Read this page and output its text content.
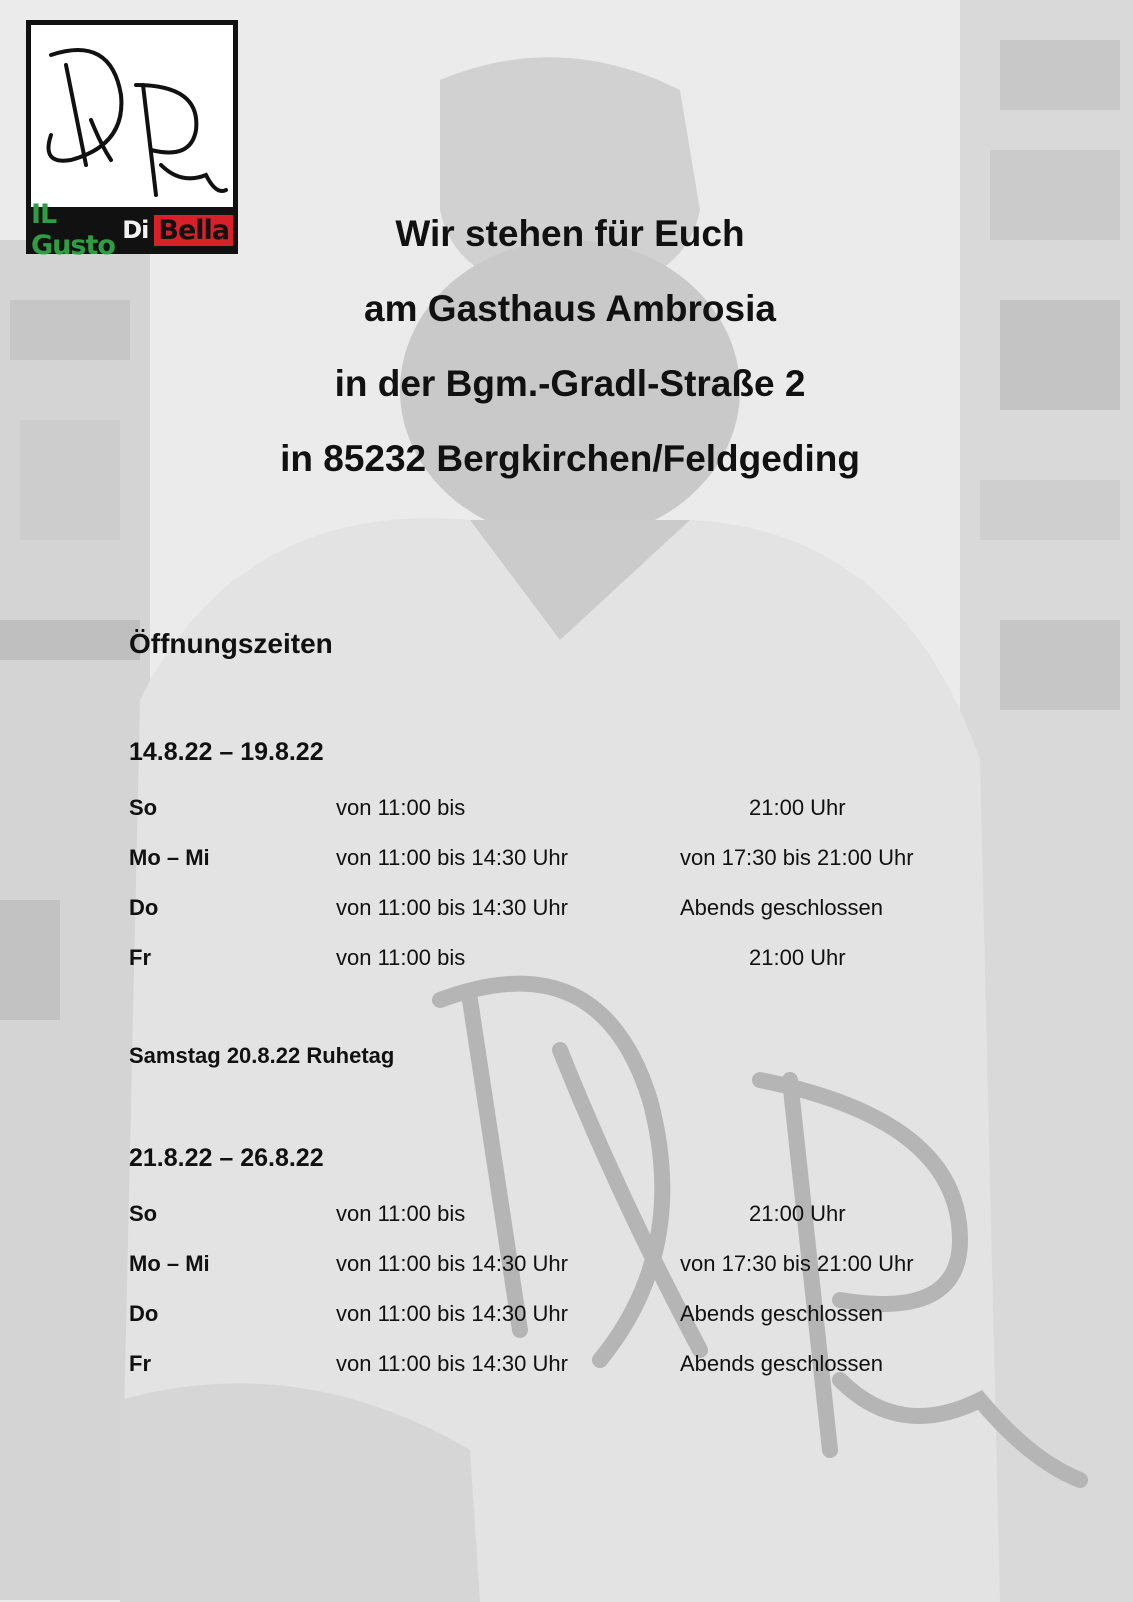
IL Gusto Di Bella	Wir stehen für Euch
am Gasthaus Ambrosia
in der Bgm.-Gradl-Straße 2
in 85232 Bergkirchen/Feldgeding
Öffnungszeiten
14.8.22 – 19.8.22
So	von 11:00 bis	21:00 Uhr
Mo – Mi	von 11:00 bis 14:30 Uhr	von 17:30 bis 21:00 Uhr
Do	von 11:00 bis 14:30 Uhr	Abends geschlossen
Fr	von 11:00 bis	21:00 Uhr
Samstag 20.8.22 Ruhetag
21.8.22 – 26.8.22
So	von 11:00 bis	21:00 Uhr
Mo – Mi	von 11:00 bis 14:30 Uhr	von 17:30 bis 21:00 Uhr
Do	von 11:00 bis 14:30 Uhr	Abends geschlossen
Fr	von 11:00 bis 14:30 Uhr	Abends geschlossen
